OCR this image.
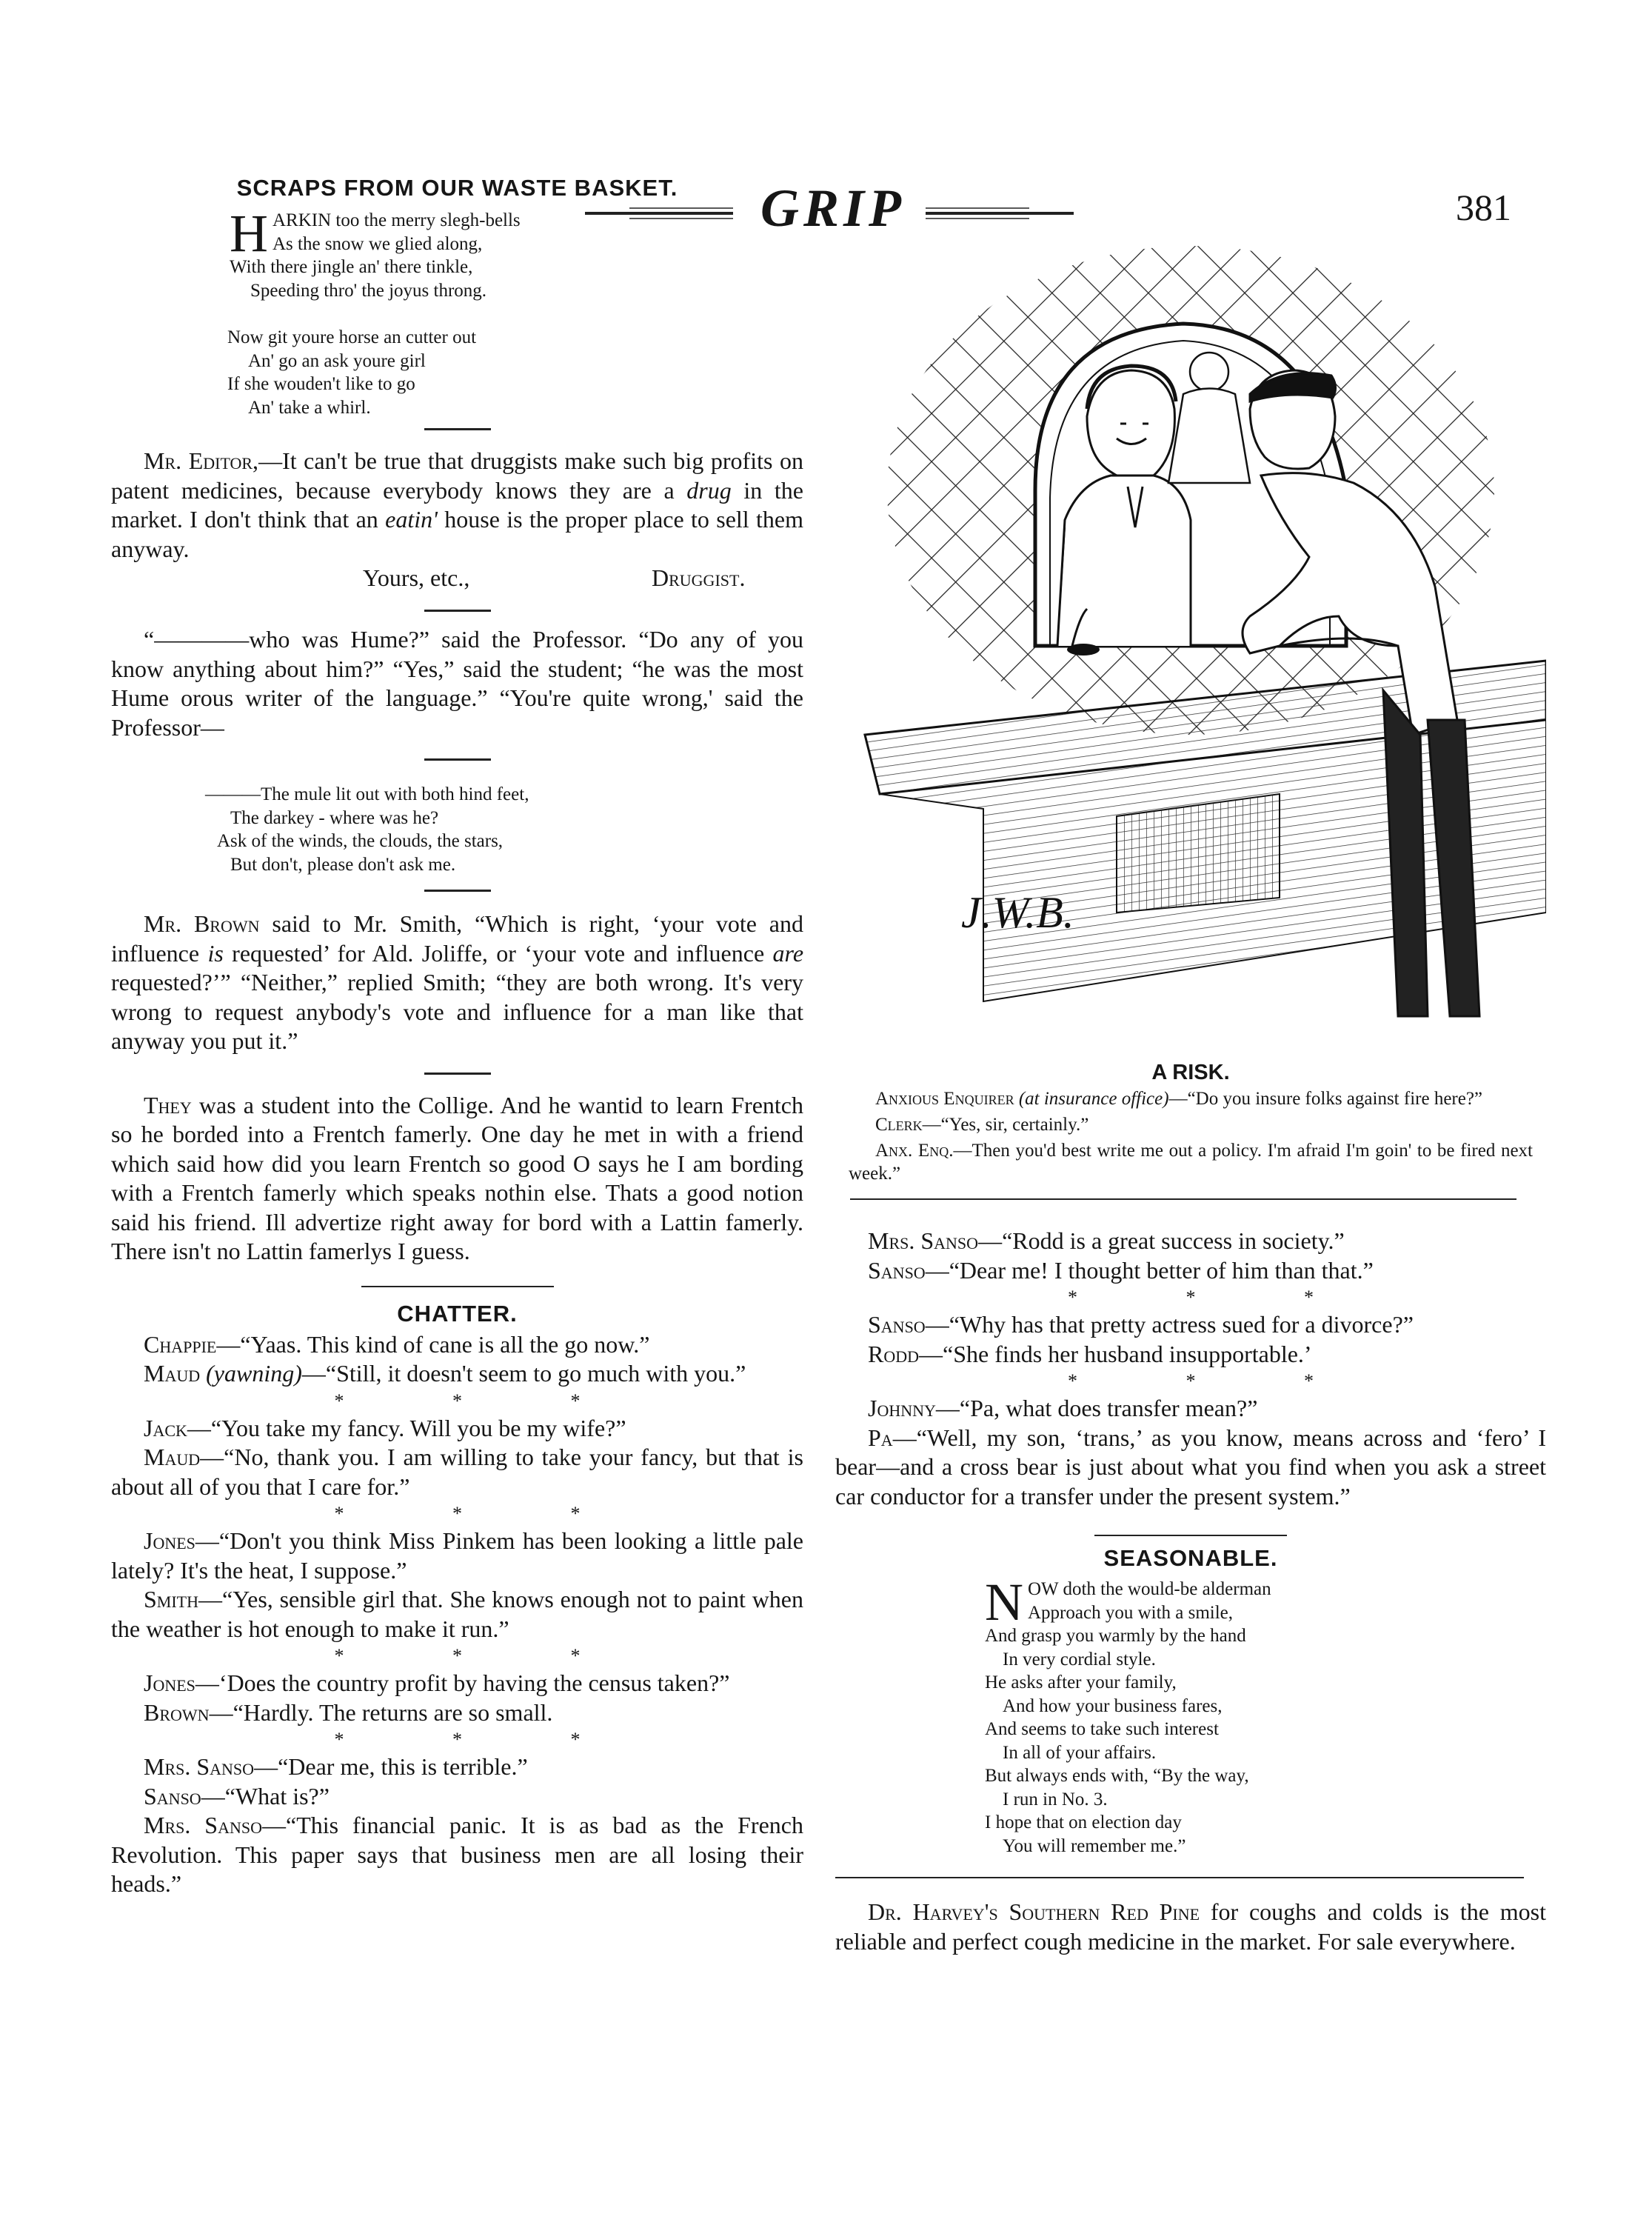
GRIP	381
SCRAPS FROM OUR WASTE BASKET.
H ARKIN too the merry slegh-bells
As the snow we glied along,
With there jingle an' there tinkle,
Speeding thro' the joyus throng.
Now git youre horse an cutter out
An' go an ask youre girl
If she wouden't like to go
An' take a whirl.

Mr. Editor,—It can't be true that druggists make such big profits on patent medicines, because everybody knows they are a drug in the market. I don't think that an eatin' house is the proper place to sell them anyway.

Yours, etc.,	Druggist.

“————who was Hume?” said the Professor. “Do any of you know anything about him?” “Yes,” said the student; “he was the most Hume orous writer of the language.” “You're quite wrong,' said the Professor—

———The mule lit out with both hind feet,
The darkey - where was he?
Ask of the winds, the clouds, the stars,
But don't, please don't ask me.

Mr. Brown said to Mr. Smith, “Which is right, ‘your vote and influence is requested’ for Ald. Joliffe, or ‘your vote and influence are requested?’” “Neither,” replied Smith; “they are both wrong. It's very wrong to request anybody's vote and influence for a man like that anyway you put it.”

They was a student into the Collige. And he wantid to learn Frentch so he borded into a Frentch famerly. One day he met in with a friend which said how did you learn Frentch so good O says he I am bording with a Frentch famerly which speaks nothin else. Thats a good notion said his friend. Ill advertize right away for bord with a Lattin famerly. There isn't no Lattin famerlys I guess.

CHATTER.

Chappie—“Yaas. This kind of cane is all the go now.”

Maud (yawning)—“Still, it doesn't seem to go much with you.”

* * *

Jack—“You take my fancy. Will you be my wife?”

Maud—“No, thank you. I am willing to take your fancy, but that is about all of you that I care for.”

* * *

Jones—“Don't you think Miss Pinkem has been looking a little pale lately? It's the heat, I suppose.”

Smith—“Yes, sensible girl that. She knows enough not to paint when the weather is hot enough to make it run.”

* * *

Jones—‘Does the country profit by having the census taken?”

Brown—“Hardly. The returns are so small.

* * *

Mrs. Sanso—“Dear me, this is terrible.”

Sanso—“What is?”

Mrs. Sanso—“This financial panic. It is as bad as the French Revolution. This paper says that business men are all losing their heads.”

J.W.B.
A RISK.

Anxious Enquirer (at insurance office)—“Do you insure folks against fire here?”

Clerk—“Yes, sir, certainly.”

Anx. Enq.—Then you'd best write me out a policy. I'm afraid I'm goin' to be fired next week.”

Mrs. Sanso—“Rodd is a great success in society.”

Sanso—“Dear me! I thought better of him than that.”

* * *

Sanso—“Why has that pretty actress sued for a divorce?”

Rodd—“She finds her husband insupportable.’

* * *

Johnny—“Pa, what does transfer mean?”

Pa—“Well, my son, ‘trans,’ as you know, means across and ‘fero’ I bear—and a cross bear is just about what you find when you ask a street car conductor for a transfer under the present system.”

SEASONABLE.
N OW doth the would-be alderman
Approach you with a smile,
And grasp you warmly by the hand
In very cordial style.
He asks after your family,
And how your business fares,
And seems to take such interest
In all of your affairs.
But always ends with, “By the way,
I run in No. 3.
I hope that on election day
You will remember me.”

Dr. Harvey's Southern Red Pine for coughs and colds is the most reliable and perfect cough medicine in the market. For sale everywhere.
